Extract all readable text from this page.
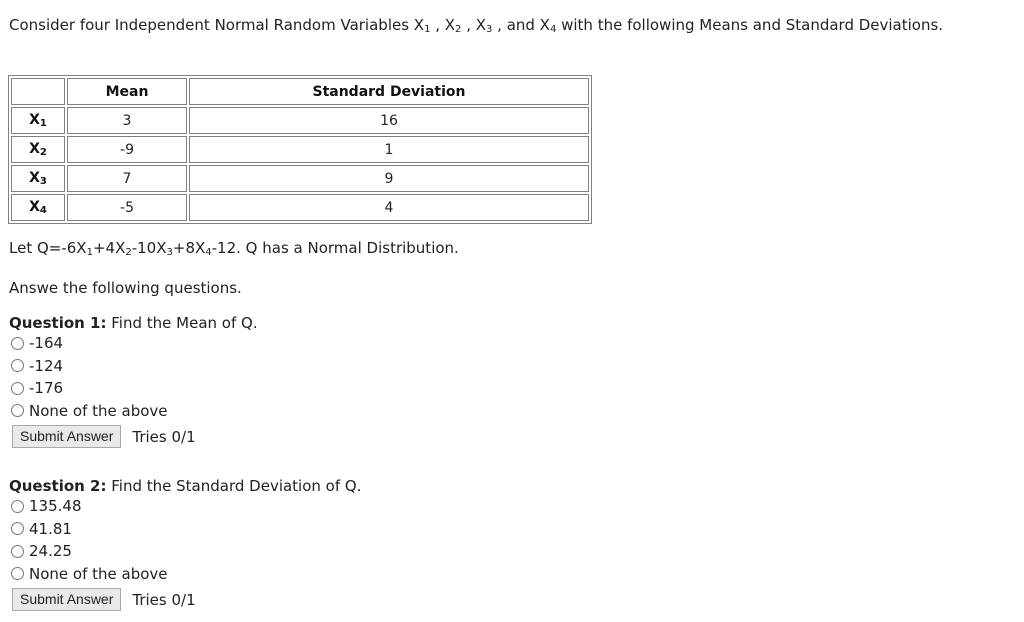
Consider four Independent Normal Random Variables $X_1$ , $X_2$ , $X_3$ , and $X_4$ with the following Means and Standard Deviations.
	Mean	Standard Deviation
$X_1$	3	16
$X_2$	-9	1
$X_3$	7	9
$X_4$	-5	4
Let $Q=-6X_1+4X_2-10X_3+8X_4-12$. Q has a Normal Distribution.
Answe the following questions.
Question 1: Find the Mean of Q.
-164
-124
-176
None of the above
Submit Answer	Tries 0/1
Question 2: Find the Standard Deviation of Q.
135.48
41.81
24.25
None of the above
Submit Answer	Tries 0/1
